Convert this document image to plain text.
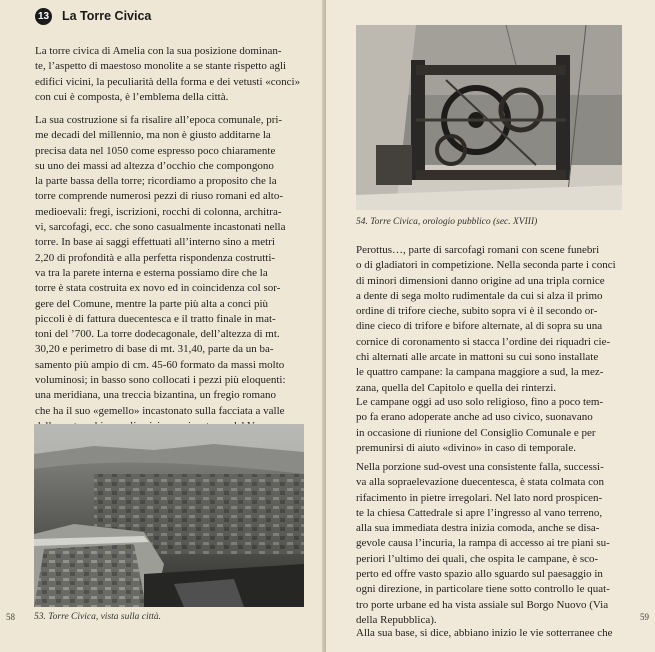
13 La Torre Civica
La torre civica di Amelia con la sua posizione dominan-
te, l’aspetto di maestoso monolite a se stante rispetto agli
edifici vicini, la peculiarità della forma e dei vetusti «conci»
con cui è composta, è l’emblema della città.
La sua costruzione si fa risalire all’epoca comunale, pri-
me decadi del millennio, ma non è giusto additarne la
precisa data nel 1050 come espresso poco chiaramente
su uno dei massi ad altezza d’occhio che compongono
la parte bassa della torre; ricordiamo a proposito che la
torre comprende numerosi pezzi di riuso romani ed alto-
medioevali: fregi, iscrizioni, rocchi di colonna, architra-
vi, sarcofagi, ecc. che sono casualmente incastonati nella
torre. In base ai saggi effettuati all’interno sino a metri
2,20 di profondità e alla perfetta rispondenza costrutti-
va tra la parete interna e esterna possiamo dire che la
torre è stata costruita ex novo ed in coincidenza col sor-
gere del Comune, mentre la parte più alta a conci più
piccoli è di fattura duecentesca e il tratto finale in mat-
toni del ’700. La torre dodecagonale, dell’altezza di mt.
30,20 e perimetro di base di mt. 31,40, parte da un ba-
samento più ampio di cm. 45-60 formato da massi molto
voluminosi; in basso sono collocati i pezzi più eloquenti:
una meridiana, una treccia bizantina, un fregio romano
che ha il suo «gemello» incastonato sulla facciata a valle
53. Torre Civica, vista sulla città.
58
54. Torre Civica, orologio pubblico (sec. XVIII)
Perottus…, parte di sarcofagi romani con scene funebri
o di gladiatori in competizione. Nella seconda parte i conci
di minori dimensioni danno origine ad una tripla cornice
a dente di sega molto rudimentale da cui si alza il primo
ordine di trifore cieche, subito sopra vi è il secondo or-
dine cieco di trifore e bifore alternate, al di sopra su una
cornice di coronamento si stacca l’ordine dei riquadri cie-
chi alternati alle arcate in mattoni su cui sono installate
le quattro campane: la campana maggiore a sud, la mez-
zana, quella del Capitolo e quella dei rinterzi.
Le campane oggi ad uso solo religioso, fino a poco tem-
po fa erano adoperate anche ad uso civico, suonavano
in occasione di riunione del Consiglio Comunale e per
premunirsi di aiuto «divino» in caso di temporale.
Nella porzione sud-ovest una consistente falla, successi-
va alla sopraelevazione duecentesca, è stata colmata con
rifacimento in pietre irregolari. Nel lato nord prospicen-
te la chiesa Cattedrale si apre l’ingresso al vano terreno,
alla sua immediata destra inizia comoda, anche se disa-
gevole causa l’incuria, la rampa di accesso ai tre piani su-
periori l’ultimo dei quali, che ospita le campane, è sco-
perto ed offre vasto spazio allo sguardo sul paesaggio in
ogni direzione, in particolare tiene sotto controllo le quat-
tro porte urbane ed ha vista assiale sul Borgo Nuovo (Via
della Repubblica).
Alla sua base, si dice, abbiano inizio le vie sotterranee che
59
